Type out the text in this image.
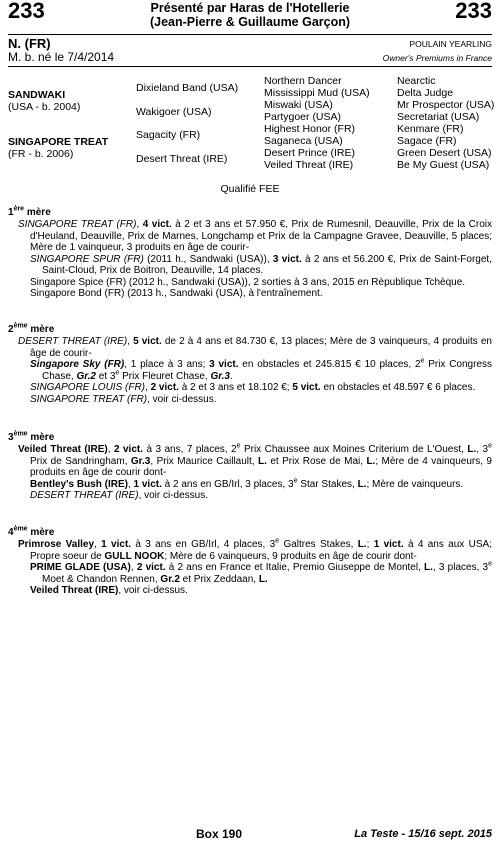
233	233
Présenté par Haras de l'Hotellerie
(Jean-Pierre & Guillaume Garçon)
N. (FR)
M. b. né le 7/4/2014
POULAIN YEARLING
Owner's Premiums in France
SANDWAKI
(USA - b. 2004)
SINGAPORE TREAT
(FR - b. 2006)
Dixieland Band (USA)
Wakigoer (USA)
Sagacity (FR)
Desert Threat (IRE)
Northern Dancer
Mississippi Mud (USA)
Miswaki (USA)
Partygoer (USA)
Highest Honor (FR)
Saganeca (USA)
Desert Prince (IRE)
Veiled Threat (IRE)
Nearctic
Delta Judge
Mr Prospector (USA)
Secretariat (USA)
Kenmare (FR)
Sagace (FR)
Green Desert (USA)
Be My Guest (USA)
Qualifié FEE
1ère mère
SINGAPORE TREAT (FR), 4 vict. à 2 et 3 ans et 57.950 €, Prix de Rumesnil, Deauville, Prix de la Croix d'Heuland, Deauville, Prix de Marnes, Longchamp et Prix de la Campagne Gravee, Deauville, 5 places; Mère de 1 vainqueur, 3 produits en âge de courir-
SINGAPORE SPUR (FR) (2011 h., Sandwaki (USA)), 3 vict. à 2 ans et 56.200 €, Prix de Saint-Forget, Saint-Cloud, Prix de Boitron, Deauville, 14 places.
Singapore Spice (FR) (2012 h., Sandwaki (USA)), 2 sorties à 3 ans, 2015 en Rèpublique Tchèque.
Singapore Bond (FR) (2013 h., Sandwaki (USA), à l'entraînement.
2ème mère
DESERT THREAT (IRE), 5 vict. de 2 à 4 ans et 84.730 €, 13 places; Mère de 3 vainqueurs, 4 produits en âge de courir-
Singapore Sky (FR), 1 place à 3 ans; 3 vict. en obstacles et 245.815 € 10 places, 2e Prix Congress Chase, Gr.2 et 3e Prix Fleuret Chase, Gr.3.
SINGAPORE LOUIS (FR), 2 vict. à 2 et 3 ans et 18.102 €; 5 vict. en obstacles et 48.597 € 6 places.
SINGAPORE TREAT (FR), voir ci-dessus.
3ème mère
Veiled Threat (IRE), 2 vict. à 3 ans, 7 places, 2e Prix Chaussee aux Moines Criterium de L'Ouest, L., 3e Prix de Sandringham, Gr.3, Prix Maurice Caillault, L. et Prix Rose de Mai, L.; Mère de 4 vainqueurs, 9 produits en âge de courir dont-
Bentley's Bush (IRE), 1 vict. à 2 ans en GB/Irl, 3 places, 3e Star Stakes, L.; Mère de vainqueurs.
DESERT THREAT (IRE), voir ci-dessus.
4ème mère
Primrose Valley, 1 vict. à 3 ans en GB/Irl, 4 places, 3e Galtres Stakes, L.; 1 vict. à 4 ans aux USA; Propre soeur de GULL NOOK; Mère de 6 vainqueurs, 9 produits en âge de courir dont-
PRIME GLADE (USA), 2 vict. à 2 ans en France et Italie, Premio Giuseppe de Montel, L., 3 places, 3e Moet & Chandon Rennen, Gr.2 et Prix Zeddaan, L.
Veiled Threat (IRE), voir ci-dessus.
Box 190	La Teste - 15/16 sept. 2015
